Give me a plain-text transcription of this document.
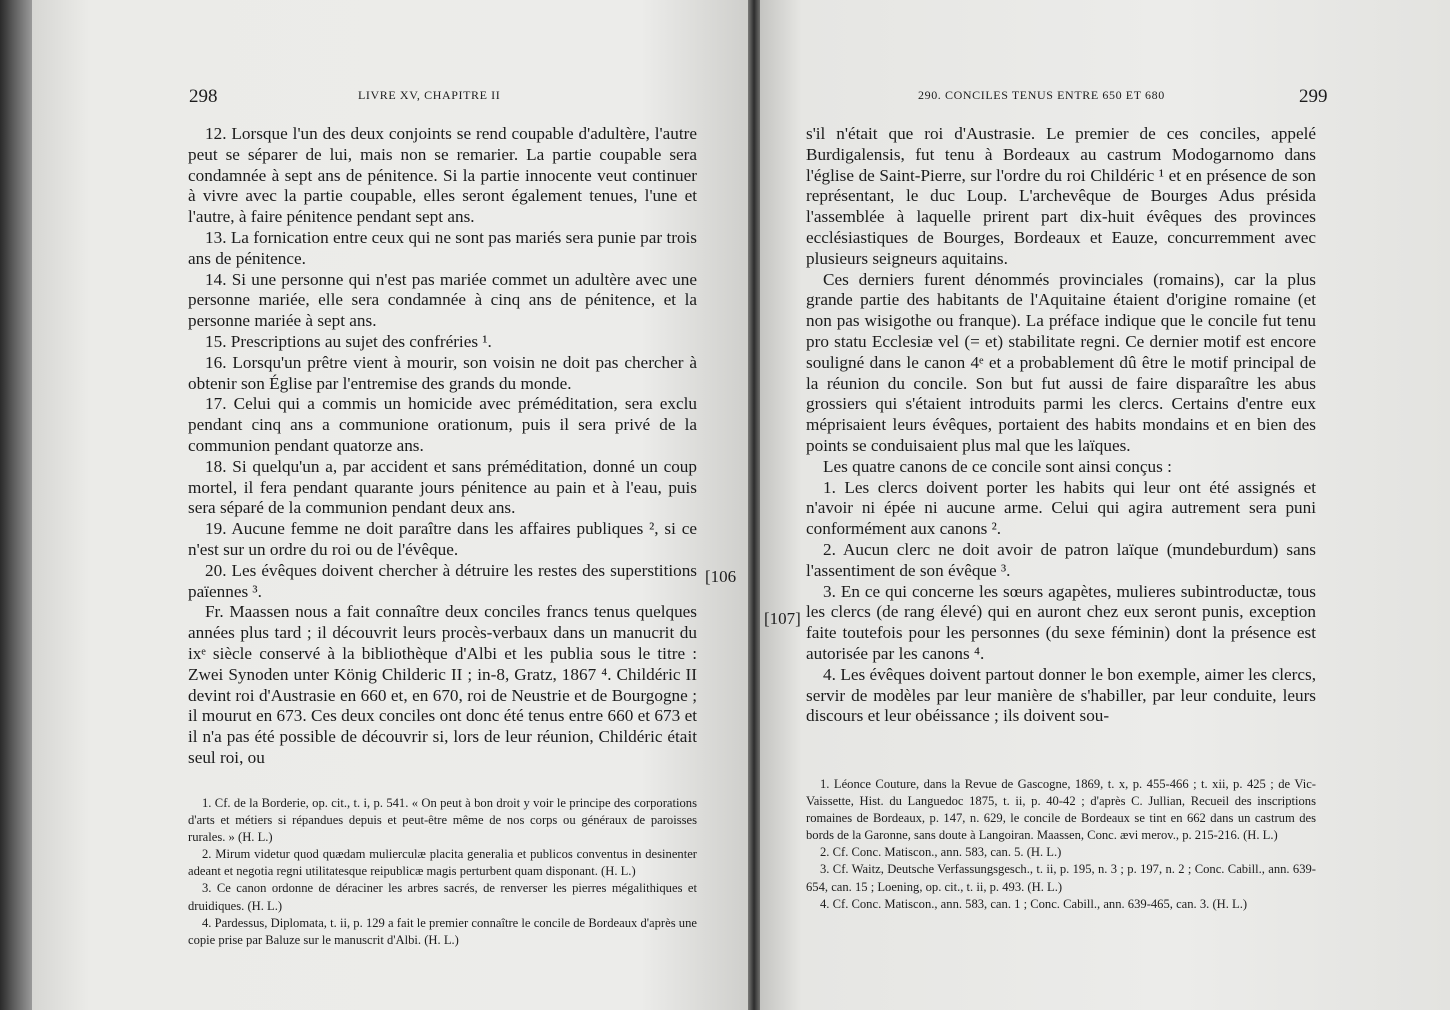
298	LIVRE XV, CHAPITRE II

12. Lorsque l'un des deux conjoints se rend coupable d'adultère, l'autre peut se séparer de lui, mais non se remarier. La partie coupable sera condamnée à sept ans de pénitence. Si la partie innocente veut continuer à vivre avec la partie coupable, elles seront également tenues, l'une et l'autre, à faire pénitence pendant sept ans.

13. La fornication entre ceux qui ne sont pas mariés sera punie par trois ans de pénitence.

14. Si une personne qui n'est pas mariée commet un adultère avec une personne mariée, elle sera condamnée à cinq ans de pénitence, et la personne mariée à sept ans.

15. Prescriptions au sujet des confréries ¹.

16. Lorsqu'un prêtre vient à mourir, son voisin ne doit pas chercher à obtenir son Église par l'entremise des grands du monde.

17. Celui qui a commis un homicide avec préméditation, sera exclu pendant cinq ans a communione orationum, puis il sera privé de la communion pendant quatorze ans.

18. Si quelqu'un a, par accident et sans préméditation, donné un coup mortel, il fera pendant quarante jours pénitence au pain et à l'eau, puis sera séparé de la communion pendant deux ans.

19. Aucune femme ne doit paraître dans les affaires publiques ², si ce n'est sur un ordre du roi ou de l'évêque.

20. Les évêques doivent chercher à détruire les restes des superstitions païennes ³.

Fr. Maassen nous a fait connaître deux conciles francs tenus quelques années plus tard ; il découvrit leurs procès-verbaux dans un manucrit du ixᵉ siècle conservé à la bibliothèque d'Albi et les publia sous le titre : Zwei Synoden unter König Childeric II ; in-8, Gratz, 1867 ⁴. Childéric II devint roi d'Austrasie en 660 et, en 670, roi de Neustrie et de Bourgogne ; il mourut en 673. Ces deux conciles ont donc été tenus entre 660 et 673 et il n'a pas été possible de découvrir si, lors de leur réunion, Childéric était seul roi, ou

1. Cf. de la Borderie, op. cit., t. i, p. 541. « On peut à bon droit y voir le principe des corporations d'arts et métiers si répandues depuis et peut-être même de nos corps ou généraux de paroisses rurales. » (H. L.)

2. Mirum videtur quod quædam mulierculæ placita generalia et publicos conventus in desinenter adeant et negotia regni utilitatesque reipublicæ magis perturbent quam disponant. (H. L.)

3. Ce canon ordonne de déraciner les arbres sacrés, de renverser les pierres mégalithiques et druidiques. (H. L.)

4. Pardessus, Diplomata, t. ii, p. 129 a fait le premier connaître le concile de Bordeaux d'après une copie prise par Baluze sur le manuscrit d'Albi. (H. L.)

[106
290. CONCILES TENUS ENTRE 650 ET 680	299

s'il n'était que roi d'Austrasie. Le premier de ces conciles, appelé Burdigalensis, fut tenu à Bordeaux au castrum Modogarnomo dans l'église de Saint-Pierre, sur l'ordre du roi Childéric ¹ et en présence de son représentant, le duc Loup. L'archevêque de Bourges Adus présida l'assemblée à laquelle prirent part dix-huit évêques des provinces ecclésiastiques de Bourges, Bordeaux et Eauze, concurremment avec plusieurs seigneurs aquitains.

Ces derniers furent dénommés provinciales (romains), car la plus grande partie des habitants de l'Aquitaine étaient d'origine romaine (et non pas wisigothe ou franque). La préface indique que le concile fut tenu pro statu Ecclesiæ vel (= et) stabilitate regni. Ce dernier motif est encore souligné dans le canon 4ᵉ et a probablement dû être le motif principal de la réunion du concile. Son but fut aussi de faire disparaître les abus grossiers qui s'étaient introduits parmi les clercs. Certains d'entre eux méprisaient leurs évêques, portaient des habits mondains et en bien des points se conduisaient plus mal que les laïques.

Les quatre canons de ce concile sont ainsi conçus :

1. Les clercs doivent porter les habits qui leur ont été assignés et n'avoir ni épée ni aucune arme. Celui qui agira autrement sera puni conformément aux canons ².

2. Aucun clerc ne doit avoir de patron laïque (mundeburdum) sans l'assentiment de son évêque ³.

3. En ce qui concerne les sœurs agapètes, mulieres subintroductæ, tous les clercs (de rang élevé) qui en auront chez eux seront punis, exception faite toutefois pour les personnes (du sexe féminin) dont la présence est autorisée par les canons ⁴.

4. Les évêques doivent partout donner le bon exemple, aimer les clercs, servir de modèles par leur manière de s'habiller, par leur conduite, leurs discours et leur obéissance ; ils doivent sou-

[107]

1. Léonce Couture, dans la Revue de Gascogne, 1869, t. x, p. 455-466 ; t. xii, p. 425 ; de Vic-Vaissette, Hist. du Languedoc 1875, t. ii, p. 40-42 ; d'après C. Jullian, Recueil des inscriptions romaines de Bordeaux, p. 147, n. 629, le concile de Bordeaux se tint en 662 dans un castrum des bords de la Garonne, sans doute à Langoiran. Maassen, Conc. ævi merov., p. 215-216. (H. L.)

2. Cf. Conc. Matiscon., ann. 583, can. 5. (H. L.)

3. Cf. Waitz, Deutsche Verfassungsgesch., t. ii, p. 195, n. 3 ; p. 197, n. 2 ; Conc. Cabill., ann. 639-654, can. 15 ; Loening, op. cit., t. ii, p. 493. (H. L.)

4. Cf. Conc. Matiscon., ann. 583, can. 1 ; Conc. Cabill., ann. 639-465, can. 3. (H. L.)
